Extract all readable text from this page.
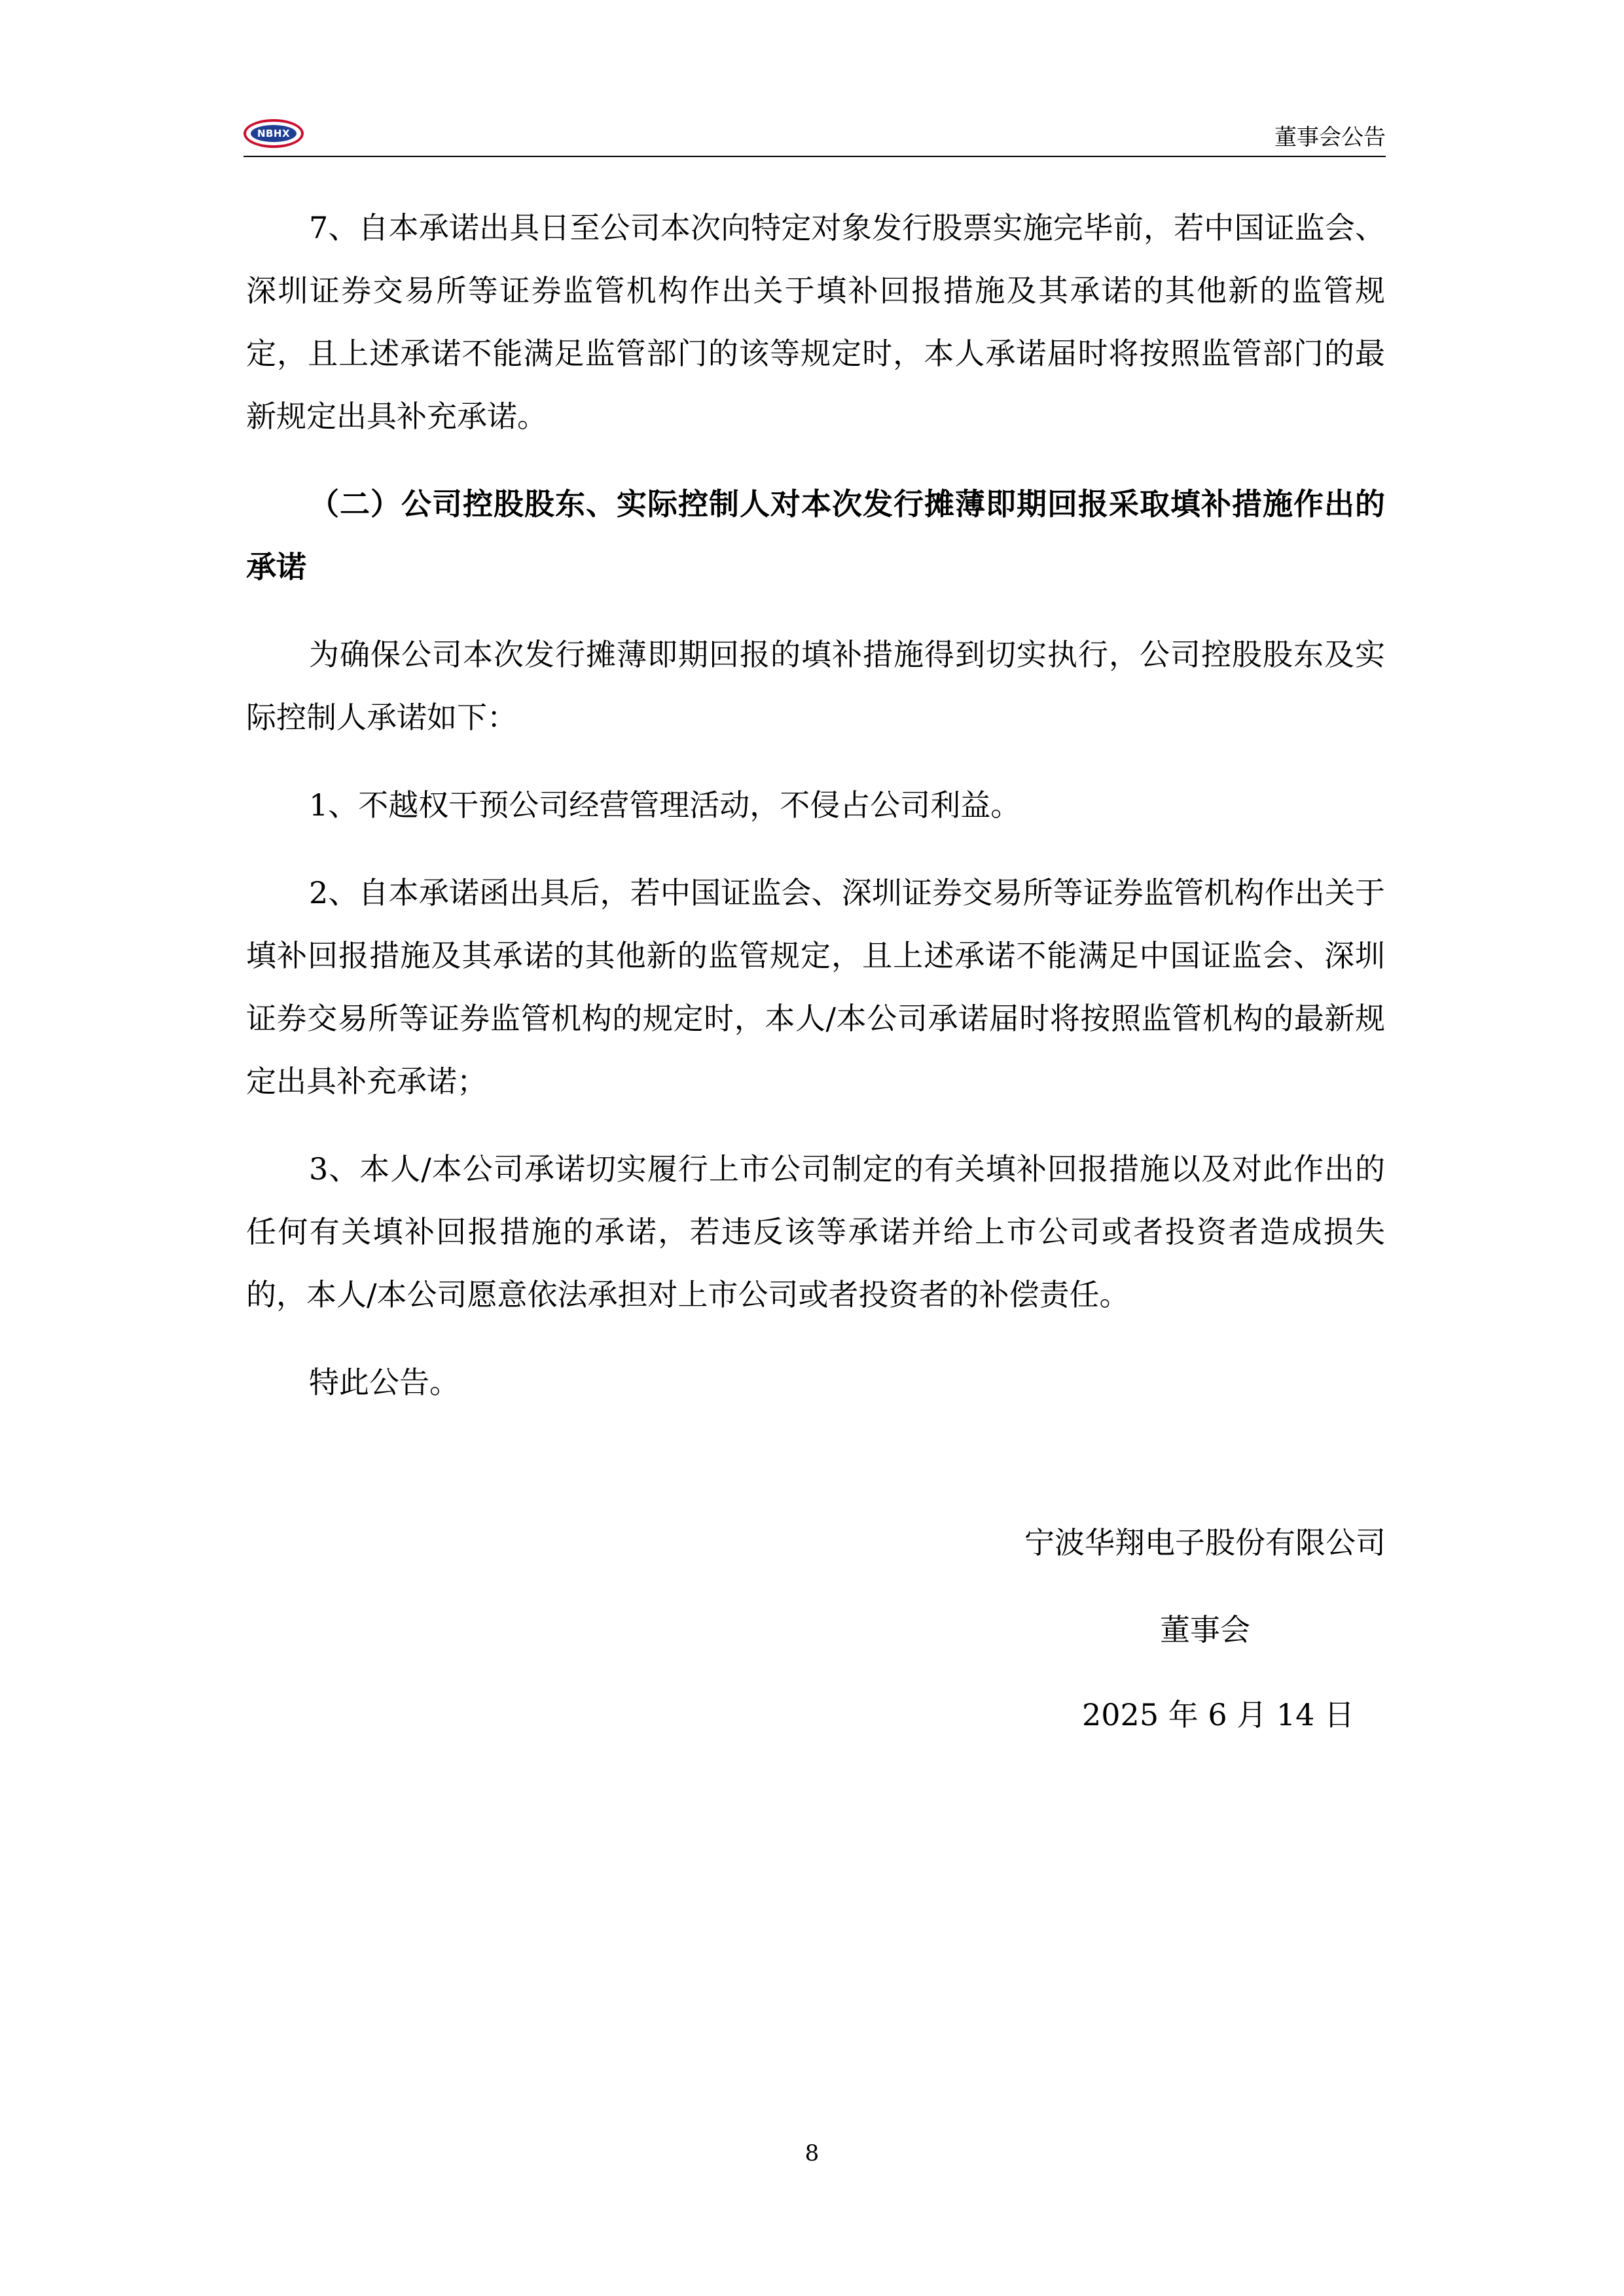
NBHX	董事会公告

7、自本承诺出具日至公司本次向特定对象发行股票实施完毕前，若中国证监会、深圳证券交易所等证券监管机构作出关于填补回报措施及其承诺的其他新的监管规定，且上述承诺不能满足监管部门的该等规定时，本人承诺届时将按照监管部门的最新规定出具补充承诺。

（二）公司控股股东、实际控制人对本次发行摊薄即期回报采取填补措施作出的承诺

为确保公司本次发行摊薄即期回报的填补措施得到切实执行，公司控股股东及实际控制人承诺如下：

1、不越权干预公司经营管理活动，不侵占公司利益。

2、自本承诺函出具后，若中国证监会、深圳证券交易所等证券监管机构作出关于填补回报措施及其承诺的其他新的监管规定，且上述承诺不能满足中国证监会、深圳证券交易所等证券监管机构的规定时，本人/本公司承诺届时将按照监管机构的最新规定出具补充承诺；

3、本人/本公司承诺切实履行上市公司制定的有关填补回报措施以及对此作出的任何有关填补回报措施的承诺，若违反该等承诺并给上市公司或者投资者造成损失的，本人/本公司愿意依法承担对上市公司或者投资者的补偿责任。

特此公告。

宁波华翔电子股份有限公司
董事会
2025 年 6 月 14 日
8
